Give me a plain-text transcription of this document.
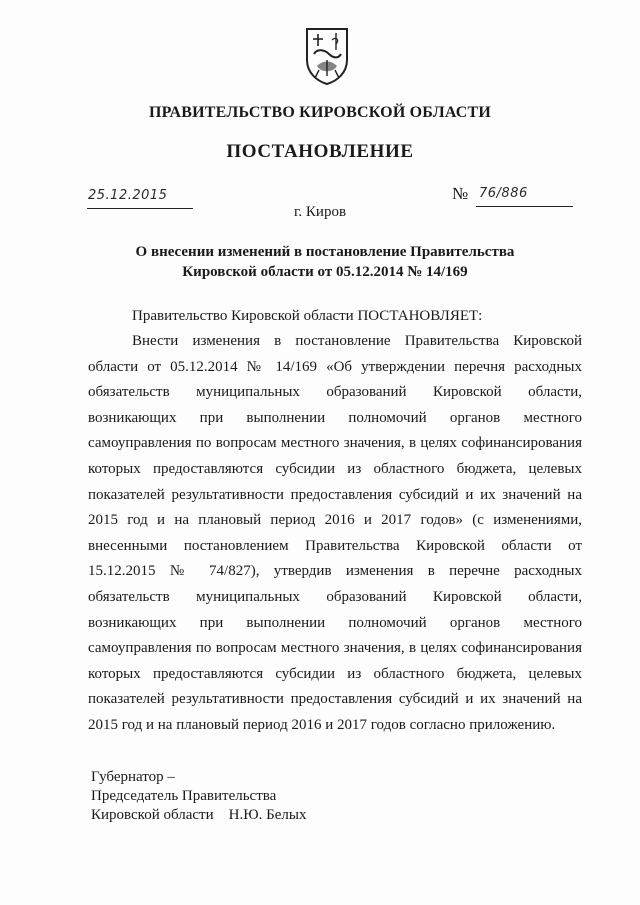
ПРАВИТЕЛЬСТВО КИРОВСКОЙ ОБЛАСТИ
ПОСТАНОВЛЕНИЕ
25.12.2015	№ 76/886
г. Киров
О внесении изменений в постановление Правительства
Кировской области от 05.12.2014 № 14/169
Правительство Кировской области ПОСТАНОВЛЯЕТ:

Внести изменения в постановление Правительства Кировской области от 05.12.2014 № 14/169 «Об утверждении перечня расходных обязательств муниципальных образований Кировской области, возникающих при выполнении полномочий органов местного самоуправления по вопросам местного значения, в целях софинансирования которых предоставляются субсидии из областного бюджета, целевых показателей результативности предоставления субсидий и их значений на 2015 год и на плановый период 2016 и 2017 годов» (с изменениями, внесенными постановлением Правительства Кировской области от 15.12.2015 № 74/827), утвердив изменения в перечне расходных обязательств муниципальных образований Кировской области, возникающих при выполнении полномочий органов местного самоуправления по вопросам местного значения, в целях софинансирования которых предоставляются субсидии из областного бюджета, целевых показателей результативности предоставления субсидий и их значений на 2015 год и на плановый период 2016 и 2017 годов согласно приложению.

Губернатор –
Председатель Правительства
Кировской области    Н.Ю. Белых
